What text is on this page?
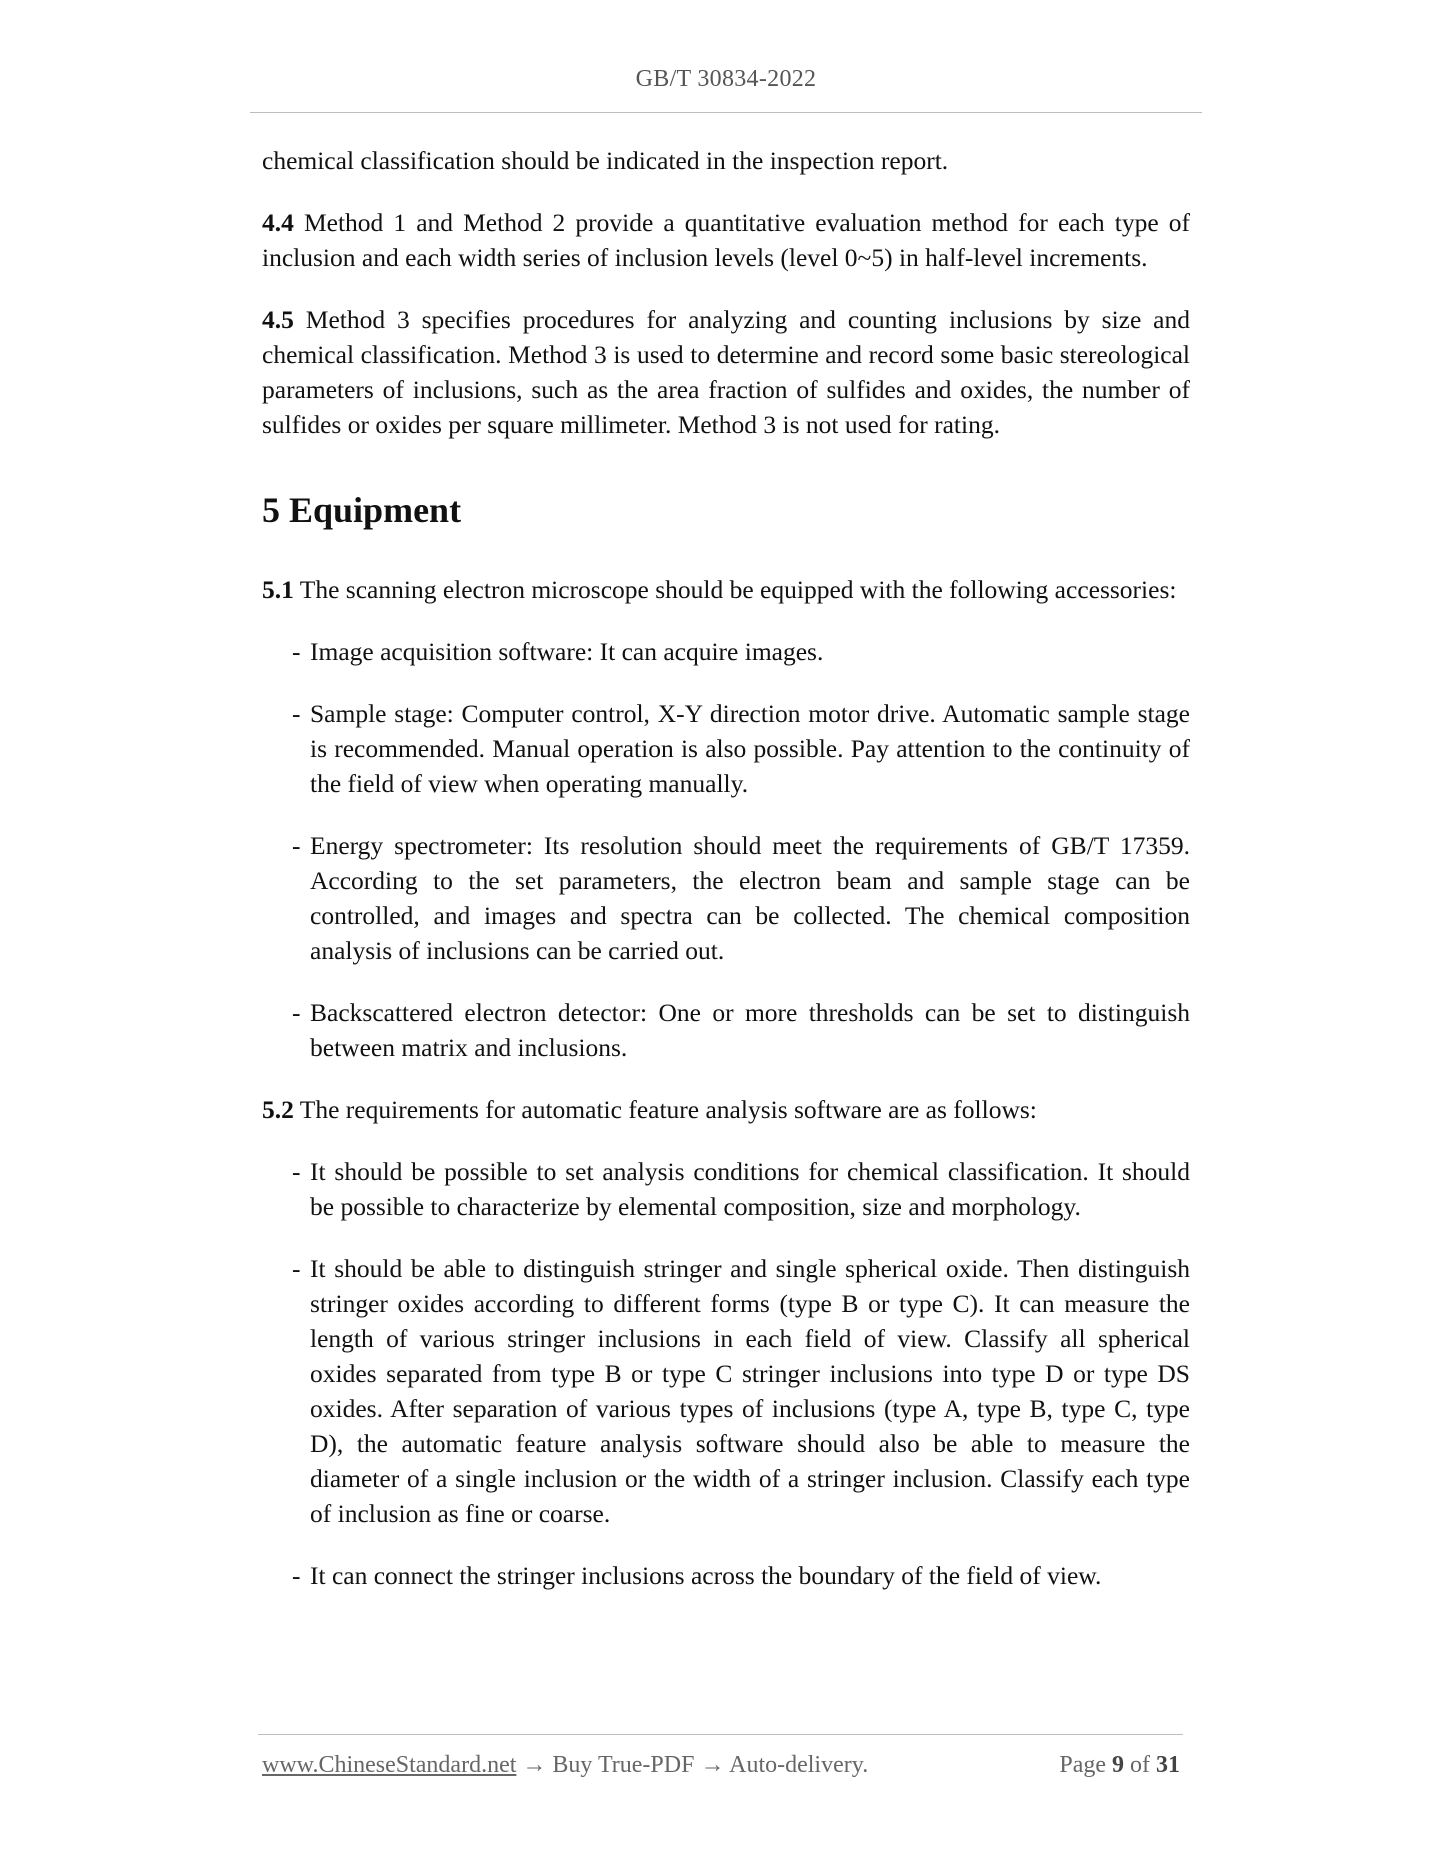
GB/T 30834-2022

chemical classification should be indicated in the inspection report.

4.4 Method 1 and Method 2 provide a quantitative evaluation method for each type of inclusion and each width series of inclusion levels (level 0~5) in half-level increments.

4.5 Method 3 specifies procedures for analyzing and counting inclusions by size and chemical classification. Method 3 is used to determine and record some basic stereological parameters of inclusions, such as the area fraction of sulfides and oxides, the number of sulfides or oxides per square millimeter. Method 3 is not used for rating.

5 Equipment

5.1 The scanning electron microscope should be equipped with the following accessories:

- Image acquisition software: It can acquire images.
- Sample stage: Computer control, X-Y direction motor drive. Automatic sample stage is recommended. Manual operation is also possible. Pay attention to the continuity of the field of view when operating manually.
- Energy spectrometer: Its resolution should meet the requirements of GB/T 17359. According to the set parameters, the electron beam and sample stage can be controlled, and images and spectra can be collected. The chemical composition analysis of inclusions can be carried out.
- Backscattered electron detector: One or more thresholds can be set to distinguish between matrix and inclusions.

5.2 The requirements for automatic feature analysis software are as follows:

- It should be possible to set analysis conditions for chemical classification. It should be possible to characterize by elemental composition, size and morphology.
- It should be able to distinguish stringer and single spherical oxide. Then distinguish stringer oxides according to different forms (type B or type C). It can measure the length of various stringer inclusions in each field of view. Classify all spherical oxides separated from type B or type C stringer inclusions into type D or type DS oxides. After separation of various types of inclusions (type A, type B, type C, type D), the automatic feature analysis software should also be able to measure the diameter of a single inclusion or the width of a stringer inclusion. Classify each type of inclusion as fine or coarse.
- It can connect the stringer inclusions across the boundary of the field of view.
www.ChineseStandard.net → Buy True-PDF → Auto-delivery.	Page 9 of 31
